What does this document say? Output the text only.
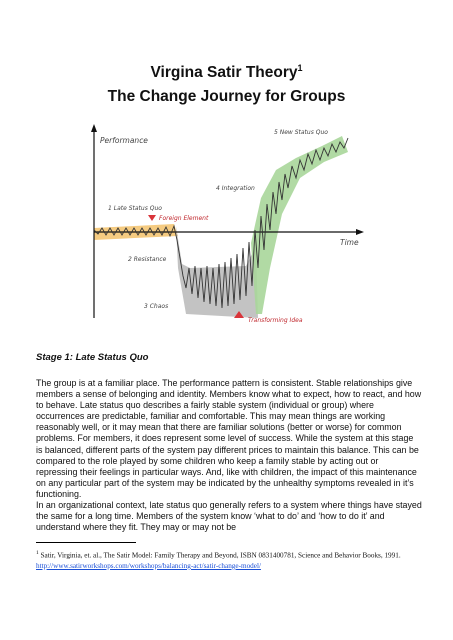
Virgina Satir Theory$^1$
The Change Journey for Groups
Performance
Time
1 Late Status Quo
Foreign Element
2 Resistance
3 Chaos
4 Integration
5 New Status Quo
Transforming Idea
Stage 1: Late Status Quo

The group is at a familiar place. The performance pattern is consistent. Stable relationships give members a sense of belonging and identity. Members know what to expect, how to react, and how to behave. Late status quo describes a fairly stable system (individual or group) where occurrences are predictable, familiar and comfortable. This may mean things are working reasonably well, or it may mean that there are familiar solutions (better or worse) for common problems. For members, it does represent some level of success. While the system at this stage is balanced, different parts of the system pay different prices to maintain this balance. This can be compared to the role played by some children who keep a family stable by acting out or repressing their feelings in particular ways. And, like with children, the impact of this maintenance on any particular part of the system may be indicated by the unhealthy symptoms revealed in it’s functioning.

In an organizational context, late status quo generally refers to a system where things have stayed the same for a long time. Members of the system know ‘what to do’ and ‘how to do it’ and understand where they fit. They may or may not be

$^1$ Satir, Virginia, et. al., The Satir Model: Family Therapy and Beyond, ISBN 0831400781, Science and Behavior Books, 1991. http://www.satirworkshops.com/workshops/balancing-act/satir-change-model/
